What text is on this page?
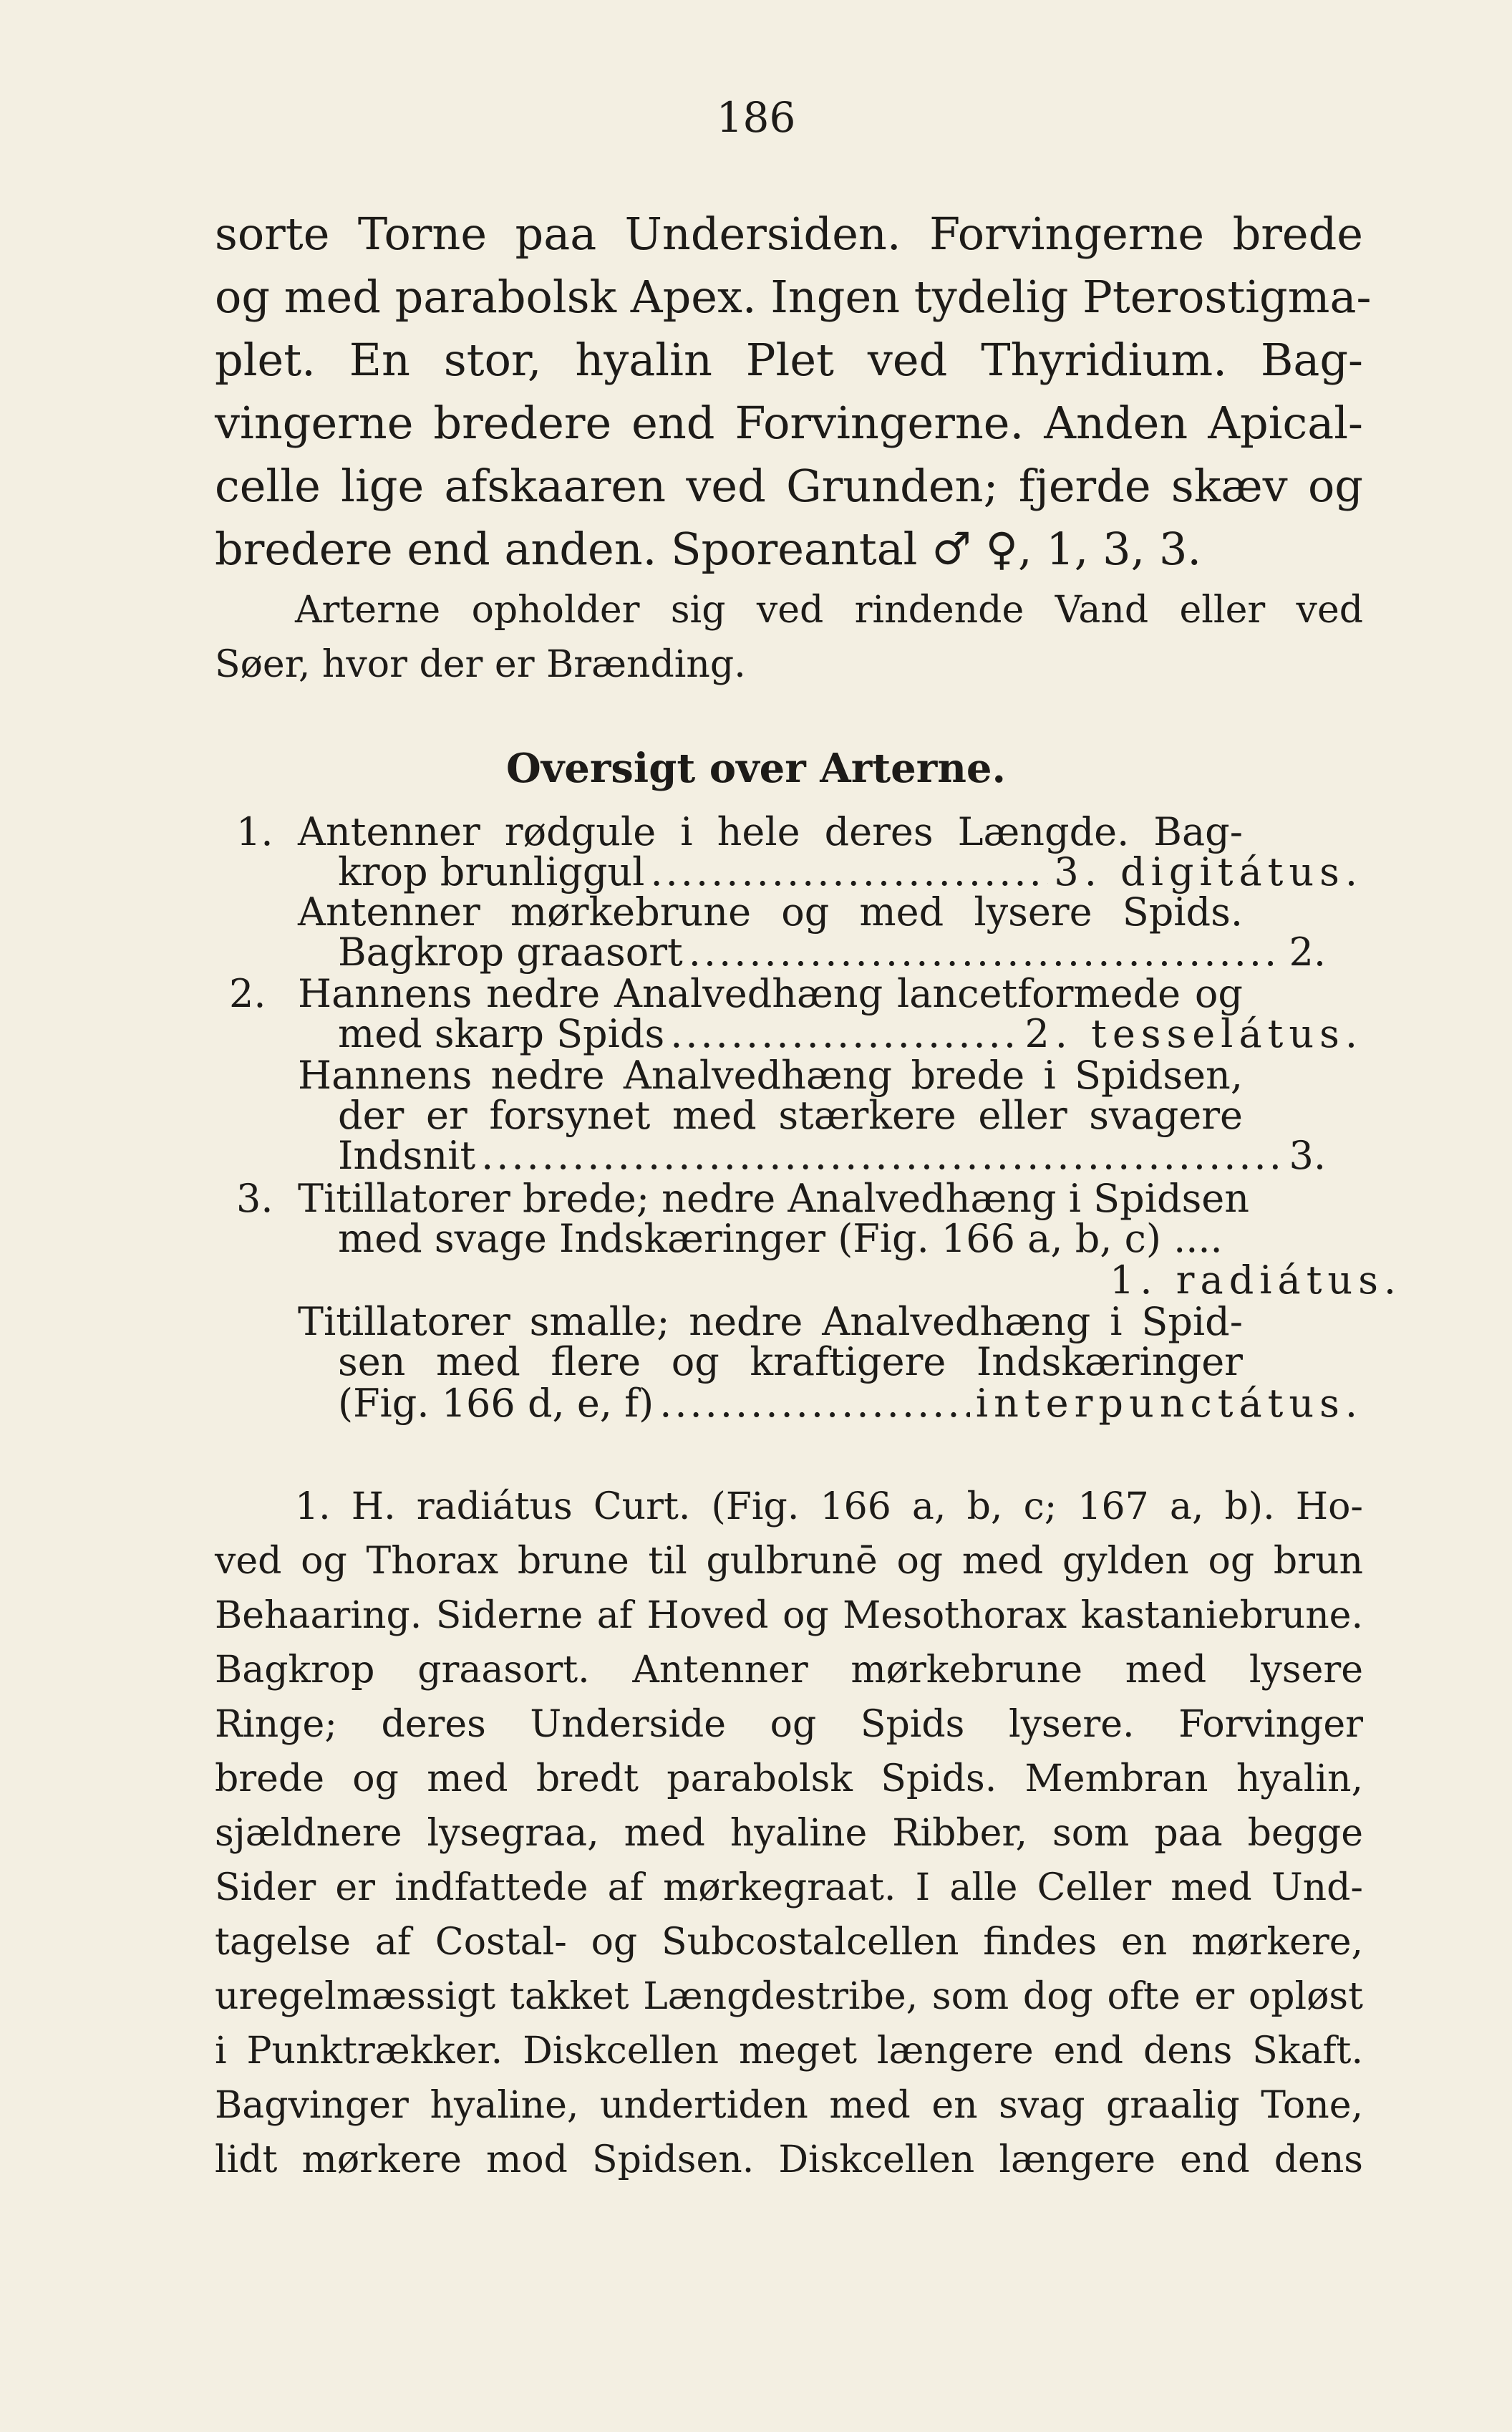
186
sorte Torne paa Undersiden. Forvingerne brede
og med parabolsk Apex. Ingen tydelig Pterostigma-
plet. En stor, hyalin Plet ved Thyridium. Bag-
vingerne bredere end Forvingerne. Anden Apical-
celle lige afskaaren ved Grunden; fjerde skæv og
bredere end anden. Sporeantal ♂ ♀, 1, 3, 3.
Arterne opholder sig ved rindende Vand eller ved
Søer, hvor der er Brænding.
Oversigt over Arterne.
1. Antenner rødgule i hele deres Længde. Bag-
krop brunliggul .....	3. digitátus.
Antenner mørkebrune og med lysere Spids.
Bagkrop graasort .....	2.
2. Hannens nedre Analvedhæng lancetformede og
med skarp Spids .....	2. tesselátus.
Hannens nedre Analvedhæng brede i Spidsen,
der er forsynet med stærkere eller svagere
Indsnit .....	3.
3. Titillatorer brede; nedre Analvedhæng i Spidsen
med svage Indskæringer (Fig. 166 a, b, c) ....
1. radiátus.
Titillatorer smalle; nedre Analvedhæng i Spid-
sen med flere og kraftigere Indskæringer
(Fig. 166 d, e, f) .....	interpunctátus.
1. H. radiátus Curt. (Fig. 166 a, b, c; 167 a, b). Ho-
ved og Thorax brune til gulbrunē og med gylden og brun
Behaaring. Siderne af Hoved og Mesothorax kastaniebrune.
Bagkrop graasort. Antenner mørkebrune med lysere
Ringe; deres Underside og Spids lysere. Forvinger
brede og med bredt parabolsk Spids. Membran hyalin,
sjældnere lysegraa, med hyaline Ribber, som paa begge
Sider er indfattede af mørkegraat. I alle Celler med Und-
tagelse af Costal- og Subcostalcellen findes en mørkere,
uregelmæssigt takket Længdestribe, som dog ofte er opløst
i Punktrækker. Diskcellen meget længere end dens Skaft.
Bagvinger hyaline, undertiden med en svag graalig Tone,
lidt mørkere mod Spidsen. Diskcellen længere end dens
